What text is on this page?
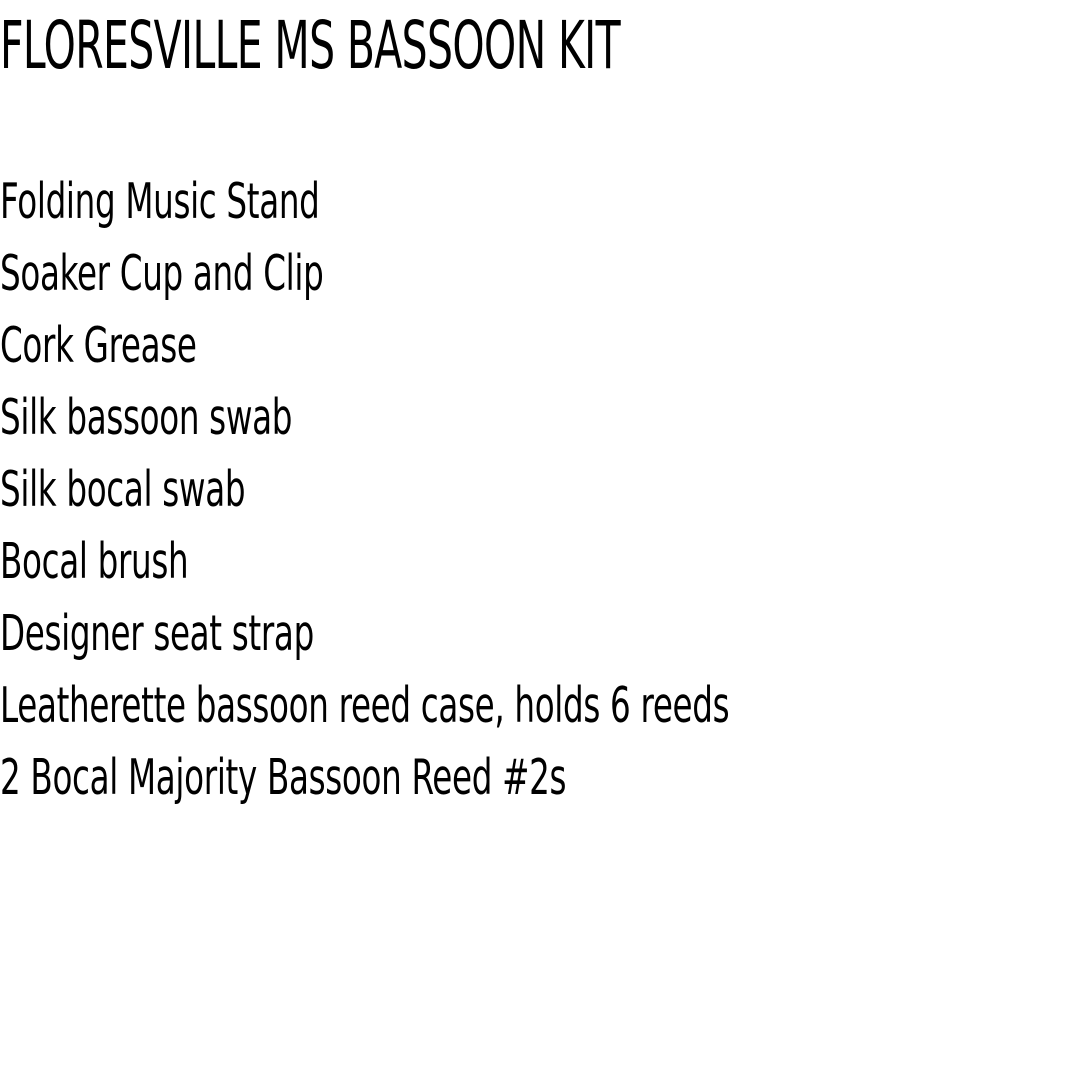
FLORESVILLE MS BASSOON KIT
Folding Music Stand
Soaker Cup and Clip
Cork Grease
Silk bassoon swab
Silk bocal swab
Bocal brush
Designer seat strap
Leatherette bassoon reed case, holds 6 reeds
2 Bocal Majority Bassoon Reed #2s
